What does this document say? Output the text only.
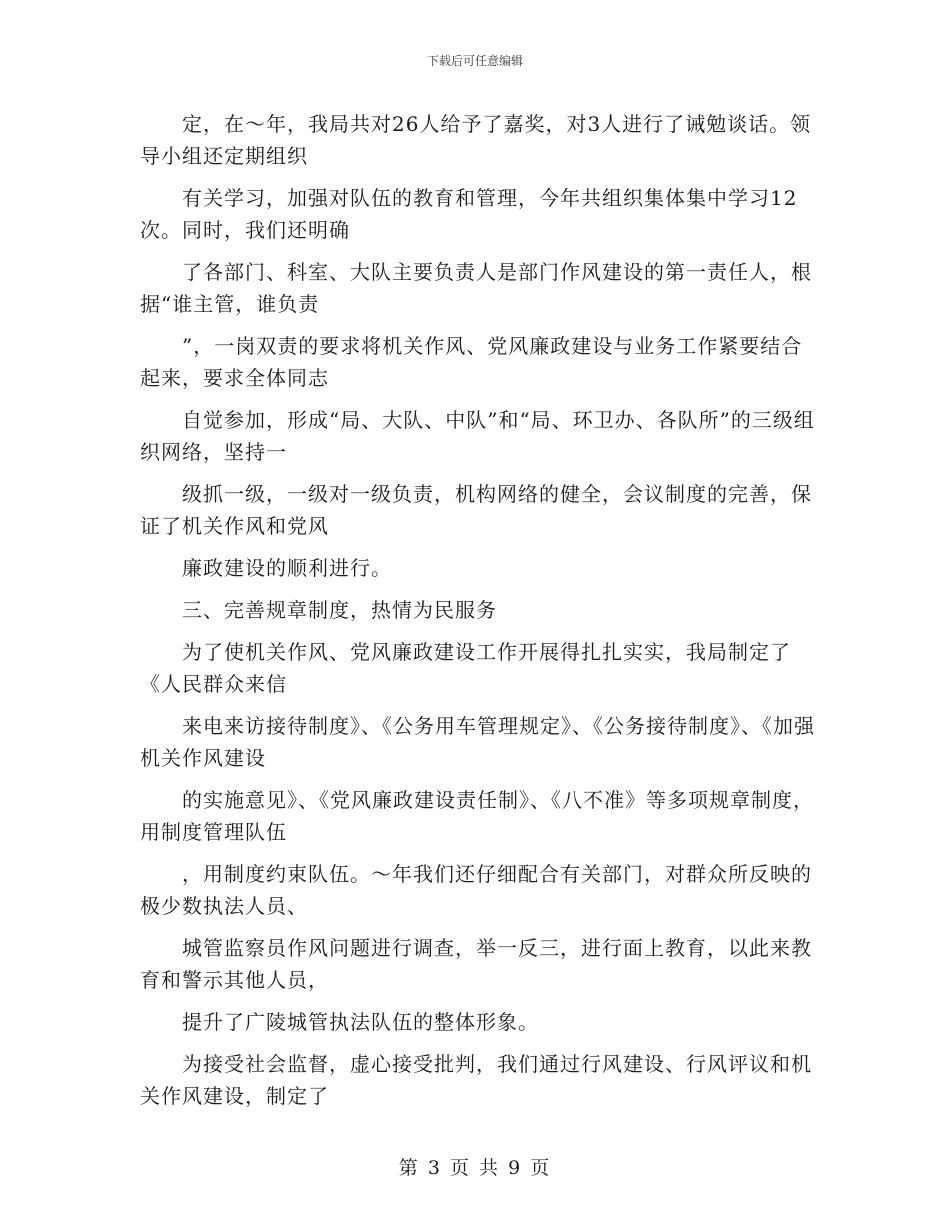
下载后可任意编辑

定，在～年，我局共对26人给予了嘉奖，对3人进行了诫勉谈话。领导小组还定期组织

有关学习，加强对队伍的教育和管理，今年共组织集体集中学习12次。同时，我们还明确

了各部门、科室、大队主要负责人是部门作风建设的第一责任人，根据“谁主管，谁负责

”，一岗双责的要求将机关作风、党风廉政建设与业务工作紧要结合起来，要求全体同志

自觉参加，形成“局、大队、中队”和“局、环卫办、各队所”的三级组织网络，坚持一

级抓一级，一级对一级负责，机构网络的健全，会议制度的完善，保证了机关作风和党风

廉政建设的顺利进行。

三、完善规章制度，热情为民服务

为了使机关作风、党风廉政建设工作开展得扎扎实实，我局制定了《人民群众来信

来电来访接待制度》、《公务用车管理规定》、《公务接待制度》、《加强机关作风建设

的实施意见》、《党风廉政建设责任制》、《八不准》等多项规章制度，用制度管理队伍

，用制度约束队伍。～年我们还仔细配合有关部门，对群众所反映的极少数执法人员、

城管监察员作风问题进行调查，举一反三，进行面上教育，以此来教育和警示其他人员，

提升了广陵城管执法队伍的整体形象。

为接受社会监督，虚心接受批判，我们通过行风建设、行风评议和机关作风建设，制定了

第 3 页 共 9 页
